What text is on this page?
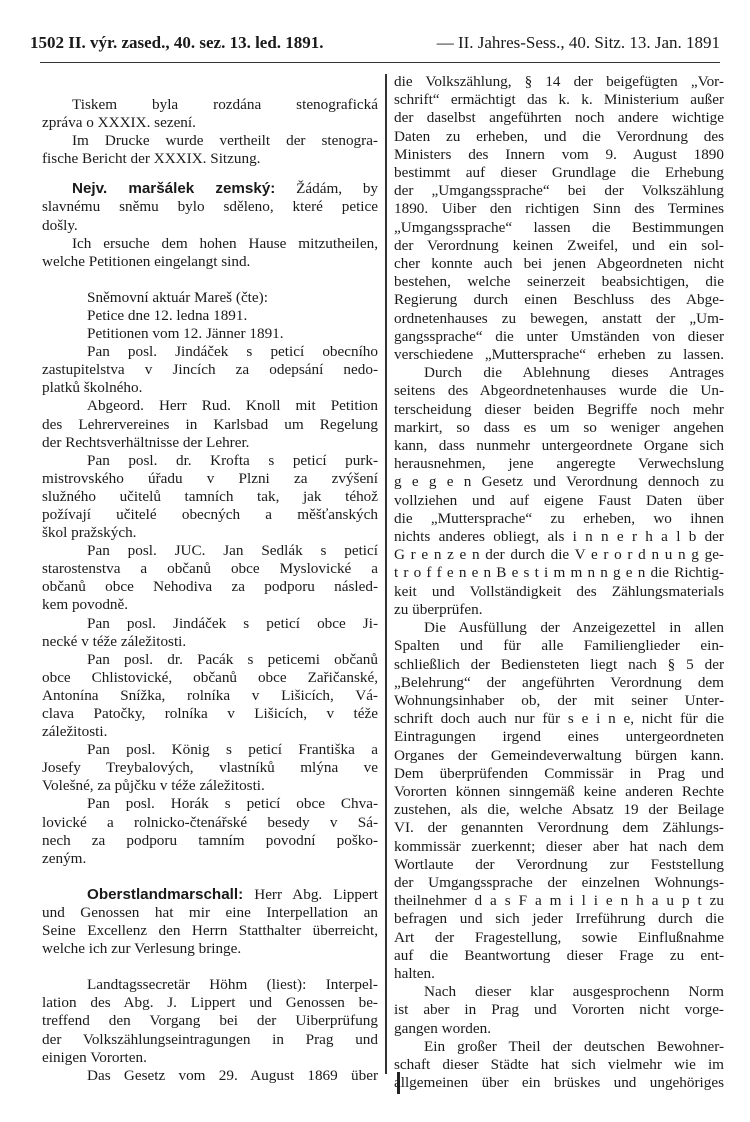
1502 II. výr. zased., 40. sez. 13. led. 1891.	— II. Jahres-Sess., 40. Sitz. 13. Jan. 1891
Tiskem byla rozdána stenografická
zpráva o XXXIX. sezení.
Im Drucke wurde vertheilt der stenogra-
fische Bericht der XXXIX. Sitzung.
Nejv. maršálek zemský: Žádám, by
slavnému sněmu bylo sděleno, které petice
došly.
Ich ersuche dem hohen Hause mitzutheilen,
welche Petitionen eingelangt sind.
Sněmovní aktuár Mareš (čte):
Petice dne 12. ledna 1891.
Petitionen vom 12. Jänner 1891.
Pan posl. Jindáček s peticí obecního
zastupitelstva v Jincích za odepsání nedo-
platků školného.
Abgeord. Herr Rud. Knoll mit Petition
des Lehrervereines in Karlsbad um Regelung
der Rechtsverhältnisse der Lehrer.
Pan posl. dr. Krofta s peticí purk-
mistrovského úřadu v Plzni za zvýšení
služného učitelů tamních tak, jak téhož
požívají učitelé obecných a měšťanských
škol pražských.
Pan posl. JUC. Jan Sedlák s peticí
starostenstva a občanů obce Myslovické a
občanů obce Nehodiva za podporu násled-
kem povodně.
Pan posl. Jindáček s peticí obce Ji-
necké v téže záležitosti.
Pan posl. dr. Pacák s peticemi občanů
obce Chlistovické, občanů obce Zařičanské,
Antonína Snížka, rolníka v Lišicích, Vá-
clava Patočky, rolníka v Lišicích, v téže
záležitosti.
Pan posl. König s peticí Františka a
Josefy Treybalových, vlastníků mlýna ve
Volešné, za půjčku v téže záležitosti.
Pan posl. Horák s peticí obce Chva-
lovické a rolnicko-čtenářské besedy v Sá-
nech za podporu tamním povodní poško-
zeným.
Oberstlandmarschall: Herr Abg. Lippert
und Genossen hat mir eine Interpellation an
Seine Excellenz den Herrn Statthalter überreicht,
welche ich zur Verlesung bringe.
Landtagssecretär Höhm (liest): Interpel-
lation des Abg. J. Lippert und Genossen be-
treffend den Vorgang bei der Uiberprüfung
der Volkszählungseintragungen in Prag und
einigen Vororten.
Das Gesetz vom 29. August 1869 über
die Volkszählung, § 14 der beigefügten „Vor-
schrift“ ermächtigt das k. k. Ministerium außer
der daselbst angeführten noch andere wichtige
Daten zu erheben, und die Verordnung des
Ministers des Innern vom 9. August 1890
bestimmt auf dieser Grundlage die Erhebung
der „Umgangssprache“ bei der Volkszählung
1890. Uiber den richtigen Sinn des Termines
„Umgangssprache“ lassen die Bestimmungen
der Verordnung keinen Zweifel, und ein sol-
cher konnte auch bei jenen Abgeordneten nicht
bestehen, welche seinerzeit beabsichtigen, die
Regierung durch einen Beschluss des Abge-
ordnetenhauses zu bewegen, anstatt der „Um-
gangssprache“ die unter Umständen von dieser
verschiedene „Muttersprache“ erheben zu lassen.
Durch die Ablehnung dieses Antrages
seitens des Abgeordnetenhauses wurde die Un-
terscheidung dieser beiden Begriffe noch mehr
markirt, so dass es um so weniger angehen
kann, dass nunmehr untergeordnete Organe sich
herausnehmen, jene angeregte Verwechslung
g e g e n Gesetz und Verordnung dennoch zu
vollziehen und auf eigene Faust Daten über
die „Muttersprache“ zu erheben, wo ihnen
nichts anderes obliegt, als i n n e r h a l b der
G r e n z e n der durch die V e r o r d n u n g ge-
t r o f f e n e n B e s t i m m n n g e n die Richtig-
keit und Vollständigkeit des Zählungsmaterials
zu überprüfen.
Die Ausfüllung der Anzeigezettel in allen
Spalten und für alle Familienglieder ein-
schließlich der Bediensteten liegt nach § 5 der
„Belehrung“ der angeführten Verordnung dem
Wohnungsinhaber ob, der mit seiner Unter-
schrift doch auch nur für s e i n e, nicht für die
Eintragungen irgend eines untergeordneten
Organes der Gemeindeverwaltung bürgen kann.
Dem überprüfenden Commissär in Prag und
Vororten können sinngemäß keine anderen Rechte
zustehen, als die, welche Absatz 19 der Beilage
VI. der genannten Verordnung dem Zählungs-
kommissär zuerkennt; dieser aber hat nach dem
Wortlaute der Verordnung zur Feststellung
der Umgangssprache der einzelnen Wohnungs-
theilnehmer d a s F a m i l i e n h a u p t zu
befragen und sich jeder Irreführung durch die
Art der Fragestellung, sowie Einflußnahme
auf die Beantwortung dieser Frage zu ent-
halten.
Nach dieser klar ausgesprochenn Norm
ist aber in Prag und Vororten nicht vorge-
gangen worden.
Ein großer Theil der deutschen Bewohner-
schaft dieser Städte hat sich vielmehr wie im
allgemeinen über ein brüskes und ungehöriges
